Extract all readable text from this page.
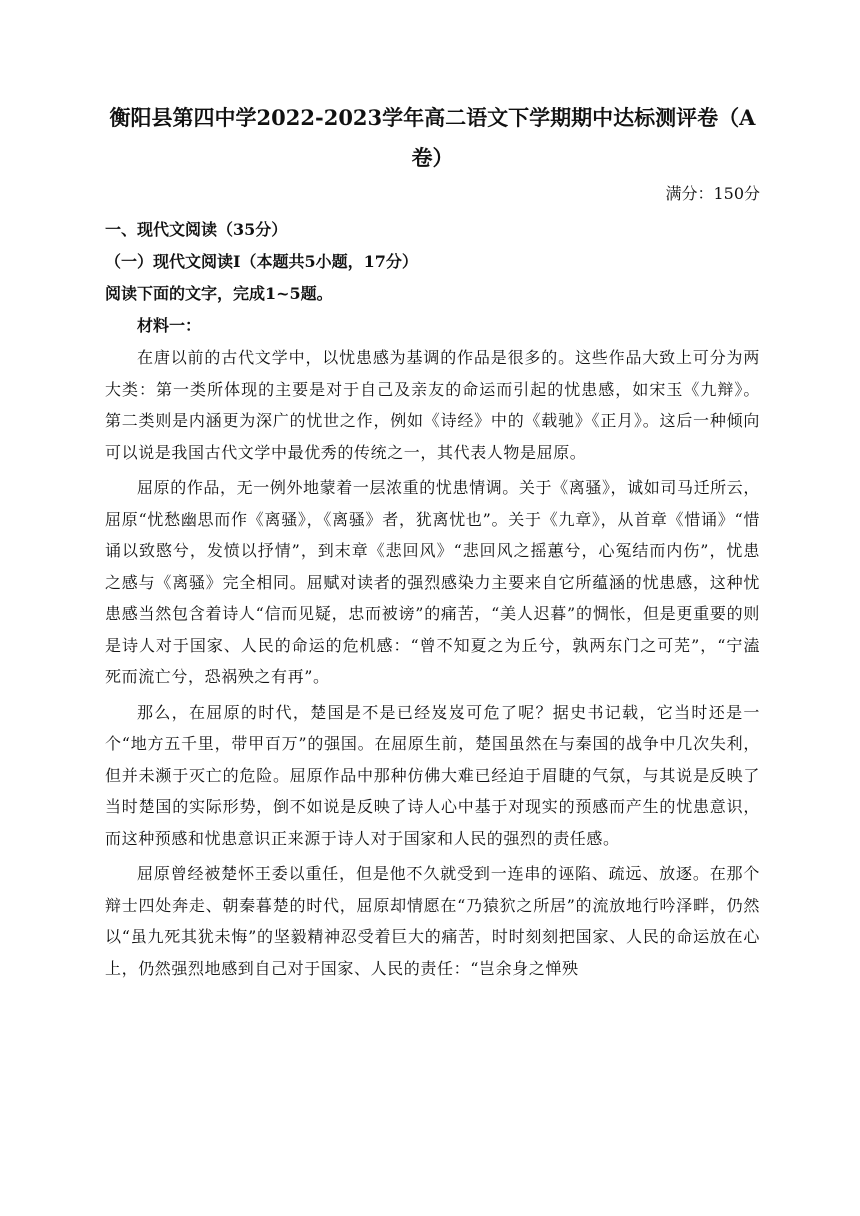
衡阳县第四中学2022-2023学年高二语文下学期期中达标测评卷（A卷）

满分：150分

一、现代文阅读（35分）

（一）现代文阅读Ⅰ（本题共5小题，17分）

阅读下面的文字，完成1~5题。

材料一：

在唐以前的古代文学中，以忧患感为基调的作品是很多的。这些作品大致上可分为两大类：第一类所体现的主要是对于自己及亲友的命运而引起的忧患感，如宋玉《九辩》。第二类则是内涵更为深广的忧世之作，例如《诗经》中的《载驰》《正月》。这后一种倾向可以说是我国古代文学中最优秀的传统之一，其代表人物是屈原。

屈原的作品，无一例外地蒙着一层浓重的忧患情调。关于《离骚》，诚如司马迁所云，屈原“忧愁幽思而作《离骚》，《离骚》者，犹离忧也”。关于《九章》，从首章《惜诵》“惜诵以致愍兮，发愤以抒情”，到末章《悲回风》“悲回风之摇蕙兮，心冤结而内伤”，忧患之感与《离骚》完全相同。屈赋对读者的强烈感染力主要来自它所蕴涵的忧患感，这种忧患感当然包含着诗人“信而见疑，忠而被谤”的痛苦，“美人迟暮”的惆怅，但是更重要的则是诗人对于国家、人民的命运的危机感：“曾不知夏之为丘兮，孰两东门之可芜”，“宁溘死而流亡兮，恐祸殃之有再”。

那么，在屈原的时代，楚国是不是已经岌岌可危了呢？据史书记载，它当时还是一个“地方五千里，带甲百万”的强国。在屈原生前，楚国虽然在与秦国的战争中几次失利，但并未濒于灭亡的危险。屈原作品中那种仿佛大难已经迫于眉睫的气氛，与其说是反映了当时楚国的实际形势，倒不如说是反映了诗人心中基于对现实的预感而产生的忧患意识，而这种预感和忧患意识正来源于诗人对于国家和人民的强烈的责任感。

屈原曾经被楚怀王委以重任，但是他不久就受到一连串的诬陷、疏远、放逐。在那个辩士四处奔走、朝秦暮楚的时代，屈原却情愿在“乃猿狖之所居”的流放地行吟泽畔，仍然以“虽九死其犹未悔”的坚毅精神忍受着巨大的痛苦，时时刻刻把国家、人民的命运放在心上，仍然强烈地感到自己对于国家、人民的责任：“岂余身之惮殃
